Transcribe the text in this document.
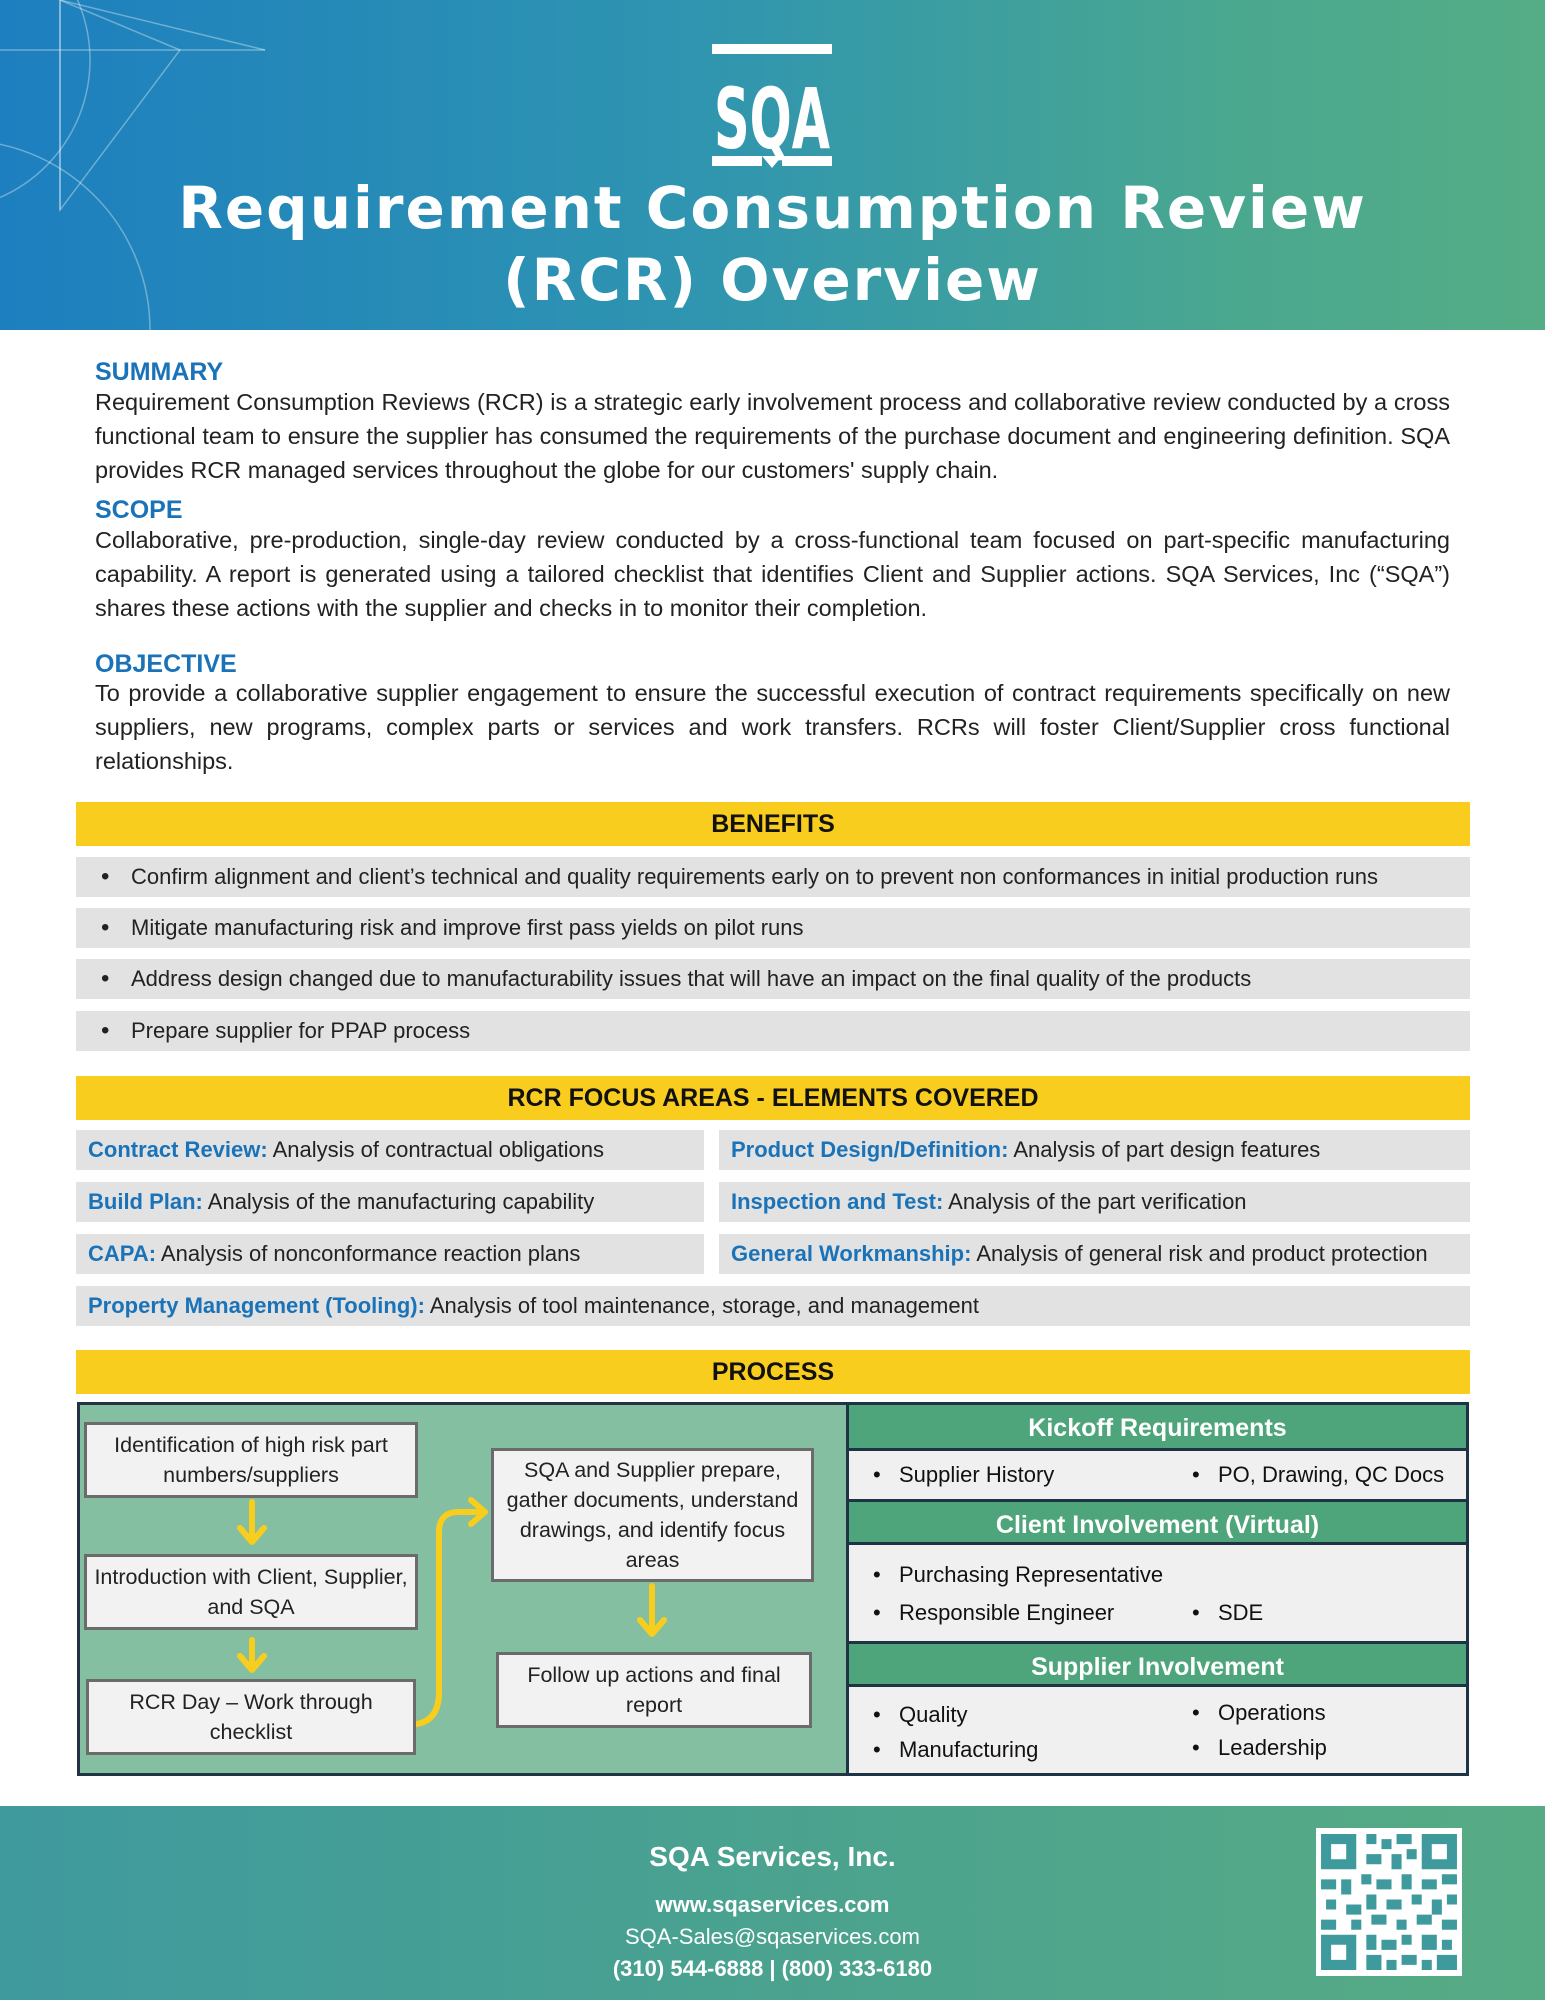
SQA
Requirement Consumption Review
(RCR) Overview
SUMMARY
Requirement Consumption Reviews (RCR) is a strategic early involvement process and collaborative review conducted by a cross functional team to ensure the supplier has consumed the requirements of the purchase document and engineering definition. SQA provides RCR managed services throughout the globe for our customers' supply chain.
SCOPE
Collaborative, pre-production, single-day review conducted by a cross-functional team focused on part-specific manufacturing capability. A report is generated using a tailored checklist that identifies Client and Supplier actions. SQA Services, Inc (“SQA”) shares these actions with the supplier and checks in to monitor their completion.
OBJECTIVE
To provide a collaborative supplier engagement to ensure the successful execution of contract requirements specifically on new suppliers, new programs, complex parts or services and work transfers. RCRs will foster Client/Supplier cross functional relationships.
BENEFITS
• Confirm alignment and client’s technical and quality requirements early on to prevent non conformances in initial production runs
• Mitigate manufacturing risk and improve first pass yields on pilot runs
• Address design changed due to manufacturability issues that will have an impact on the final quality of the products
• Prepare supplier for PPAP process
RCR FOCUS AREAS - ELEMENTS COVERED
Contract Review: Analysis of contractual obligations	Product Design/Definition: Analysis of part design features
Build Plan: Analysis of the manufacturing capability	Inspection and Test: Analysis of the part verification
CAPA: Analysis of nonconformance reaction plans	General Workmanship: Analysis of general risk and product protection
Property Management (Tooling): Analysis of tool maintenance, storage, and management
PROCESS
Identification of high risk part numbers/suppliers
Introduction with Client, Supplier, and SQA
RCR Day – Work through checklist
SQA and Supplier prepare, gather documents, understand drawings, and identify focus areas
Follow up actions and final report
Kickoff Requirements
• Supplier History	• PO, Drawing, QC Docs
Client Involvement (Virtual)
• Purchasing Representative
• Responsible Engineer	• SDE
Supplier Involvement
• Quality	• Operations
• Manufacturing	• Leadership
SQA Services, Inc.
www.sqaservices.com
SQA-Sales@sqaservices.com
(310) 544-6888 | (800) 333-6180
